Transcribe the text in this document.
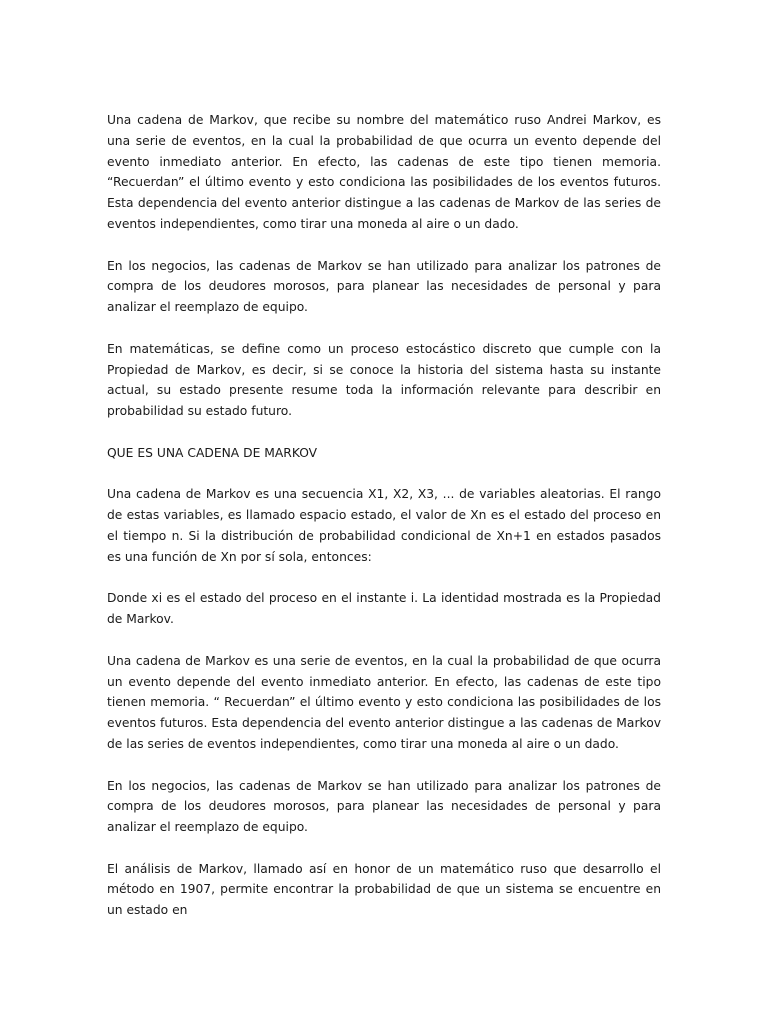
Una cadena de Markov, que recibe su nombre del matemático ruso Andrei Markov, es una serie de eventos, en la cual la probabilidad de que ocurra un evento depende del evento inmediato anterior. En efecto, las cadenas de este tipo tienen memoria. “Recuerdan” el último evento y esto condiciona las posibilidades de los eventos futuros. Esta dependencia del evento anterior distingue a las cadenas de Markov de las series de eventos independientes, como tirar una moneda al aire o un dado.

En los negocios, las cadenas de Markov se han utilizado para analizar los patrones de compra de los deudores morosos, para planear las necesidades de personal y para analizar el reemplazo de equipo.

En matemáticas, se define como un proceso estocástico discreto que cumple con la Propiedad de Markov, es decir, si se conoce la historia del sistema hasta su instante actual, su estado presente resume toda la información relevante para describir en probabilidad su estado futuro.

QUE ES UNA CADENA DE MARKOV

Una cadena de Markov es una secuencia X1, X2, X3, ... de variables aleatorias. El rango de estas variables, es llamado espacio estado, el valor de Xn es el estado del proceso en el tiempo n. Si la distribución de probabilidad condicional de Xn+1 en estados pasados es una función de Xn por sí sola, entonces:

Donde xi es el estado del proceso en el instante i. La identidad mostrada es la Propiedad de Markov.

Una cadena de Markov es una serie de eventos, en la cual la probabilidad de que ocurra un evento depende del evento inmediato anterior. En efecto, las cadenas de este tipo tienen memoria. “ Recuerdan” el último evento y esto condiciona las posibilidades de los eventos futuros. Esta dependencia del evento anterior distingue a las cadenas de Markov de las series de eventos independientes, como tirar una moneda al aire o un dado.

En los negocios, las cadenas de Markov se han utilizado para analizar los patrones de compra de los deudores morosos, para planear las necesidades de personal y para analizar el reemplazo de equipo.

El análisis de Markov, llamado así en honor de un matemático ruso que desarrollo el método en 1907, permite encontrar la probabilidad de que un sistema se encuentre en un estado en
